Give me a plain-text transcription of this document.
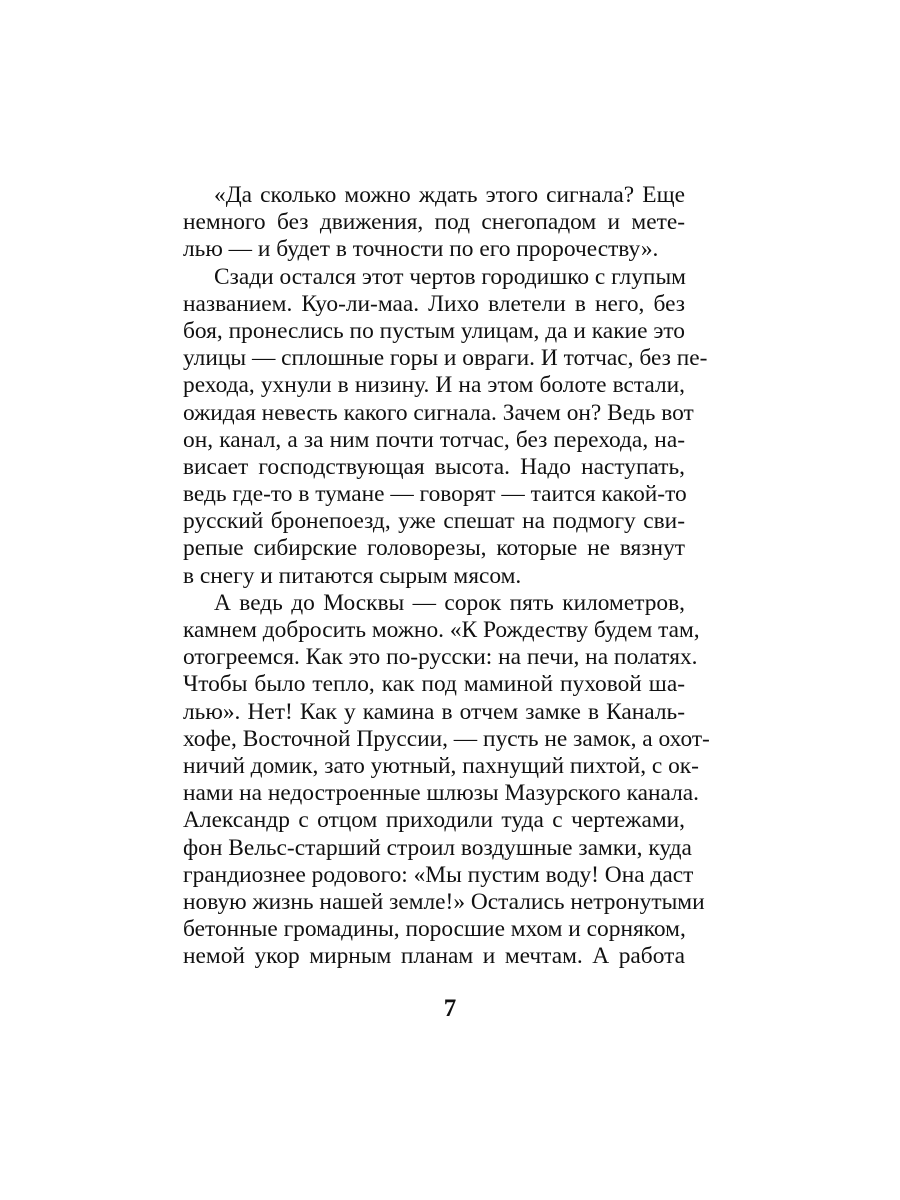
«Да сколько можно ждать этого сигнала? Еще
немного без движения, под снегопадом и мете-
лью — и будет в точности по его пророчеству».
Сзади остался этот чертов городишко с глупым
названием. Куо-ли-маа. Лихо влетели в него, без
боя, пронеслись по пустым улицам, да и какие это
улицы — сплошные горы и овраги. И тотчас, без пе-
рехода, ухнули в низину. И на этом болоте встали,
ожидая невесть какого сигнала. Зачем он? Ведь вот
он, канал, а за ним почти тотчас, без перехода, на-
висает господствующая высота. Надо наступать,
ведь где-то в тумане — говорят — таится какой-то
русский бронепоезд, уже спешат на подмогу сви-
репые сибирские головорезы, которые не вязнут
в снегу и питаются сырым мясом.
А ведь до Москвы — сорок пять километров,
камнем добросить можно. «К Рождеству будем там,
отогреемся. Как это по-русски: на печи, на полатях.
Чтобы было тепло, как под маминой пуховой ша-
лью». Нет! Как у камина в отчем замке в Каналь-
хофе, Восточной Пруссии, — пусть не замок, а охот-
ничий домик, зато уютный, пахнущий пихтой, с ок-
нами на недостроенные шлюзы Мазурского канала.
Александр с отцом приходили туда с чертежами,
фон Вельс-старший строил воздушные замки, куда
грандиознее родового: «Мы пустим воду! Она даст
новую жизнь нашей земле!» Остались нетронутыми
бетонные громадины, поросшие мхом и сорняком,
немой укор мирным планам и мечтам. А работа
7
